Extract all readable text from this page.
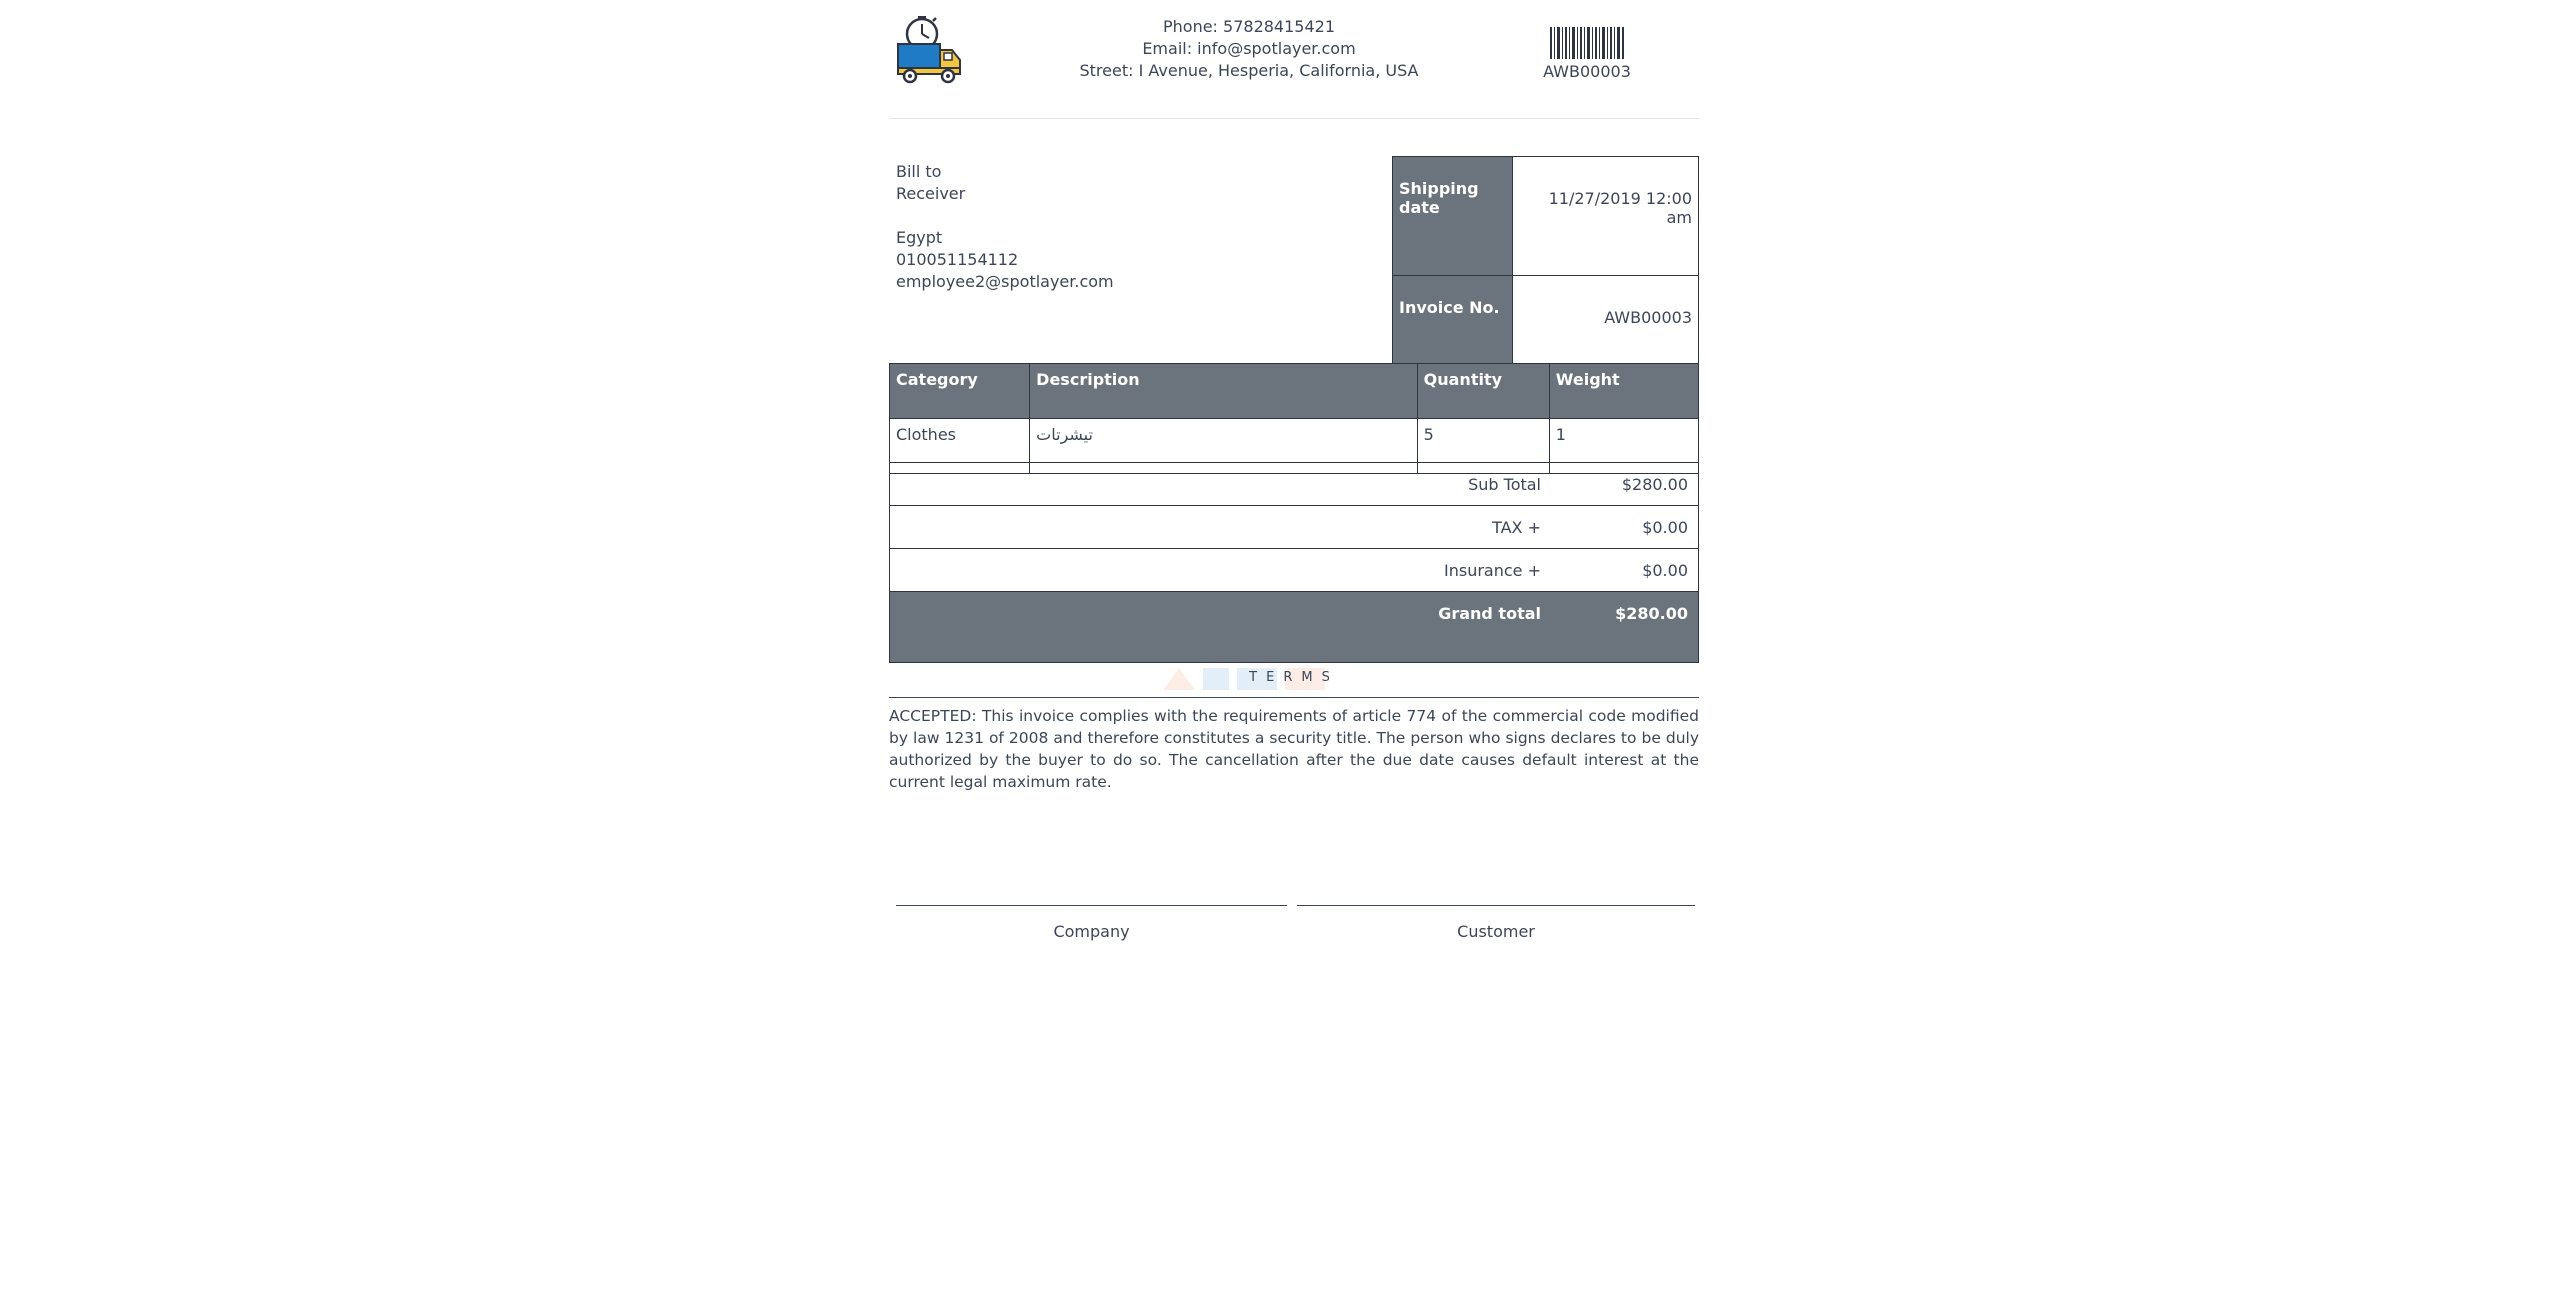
Phone: 57828415421
Email: info@spotlayer.com
Street: I Avenue, Hesperia, California, USA	AWB00003
Bill to
Receiver
Egypt
010051154112
employee2@spotlayer.com
Shipping date	11/27/2019 12:00 am
Invoice No.	AWB00003
Category	Description	Quantity	Weight
Clothes	تيشرتات	5	1
Sub Total	$280.00
TAX +	$0.00
Insurance +	$0.00
Grand total	$280.00
TERMS
ACCEPTED: This invoice complies with the requirements of article 774 of the commercial code modified by law 1231 of 2008 and therefore constitutes a security title. The person who signs declares to be duly authorized by the buyer to do so. The cancellation after the due date causes default interest at the current legal maximum rate.
Company	Customer
